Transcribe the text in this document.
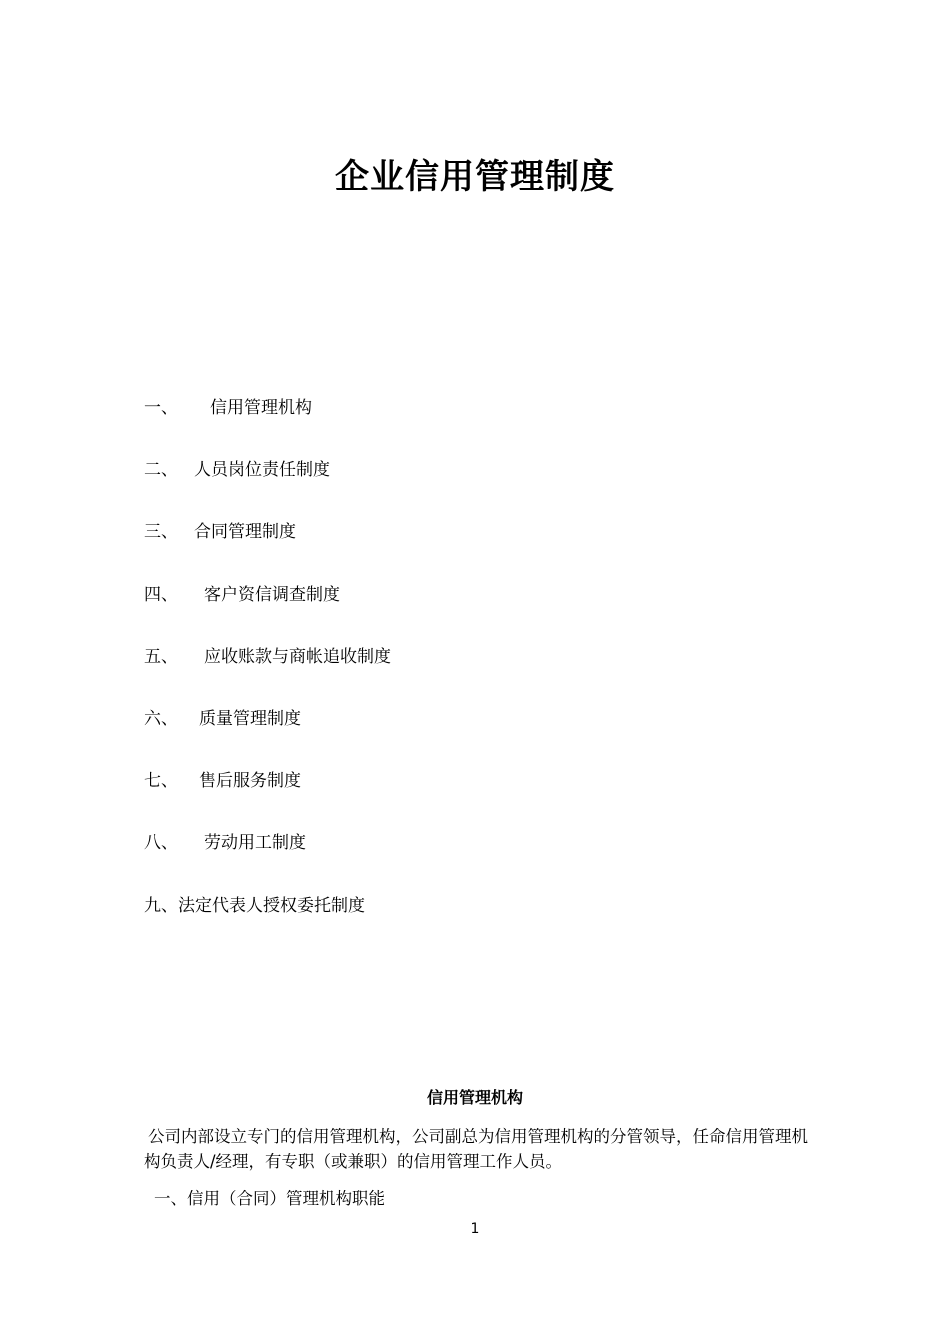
企业信用管理制度
一、 信用管理机构
二、 人员岗位责任制度
三、 合同管理制度
四、 客户资信调查制度
五、 应收账款与商帐追收制度
六、 质量管理制度
七、 售后服务制度
八、 劳动用工制度
九、法定代表人授权委托制度
信用管理机构

公司内部设立专门的信用管理机构，公司副总为信用管理机构的分管领导，任命信用管理机构负责人/经理，有专职（或兼职）的信用管理工作人员。

一、信用（合同）管理机构职能
1
